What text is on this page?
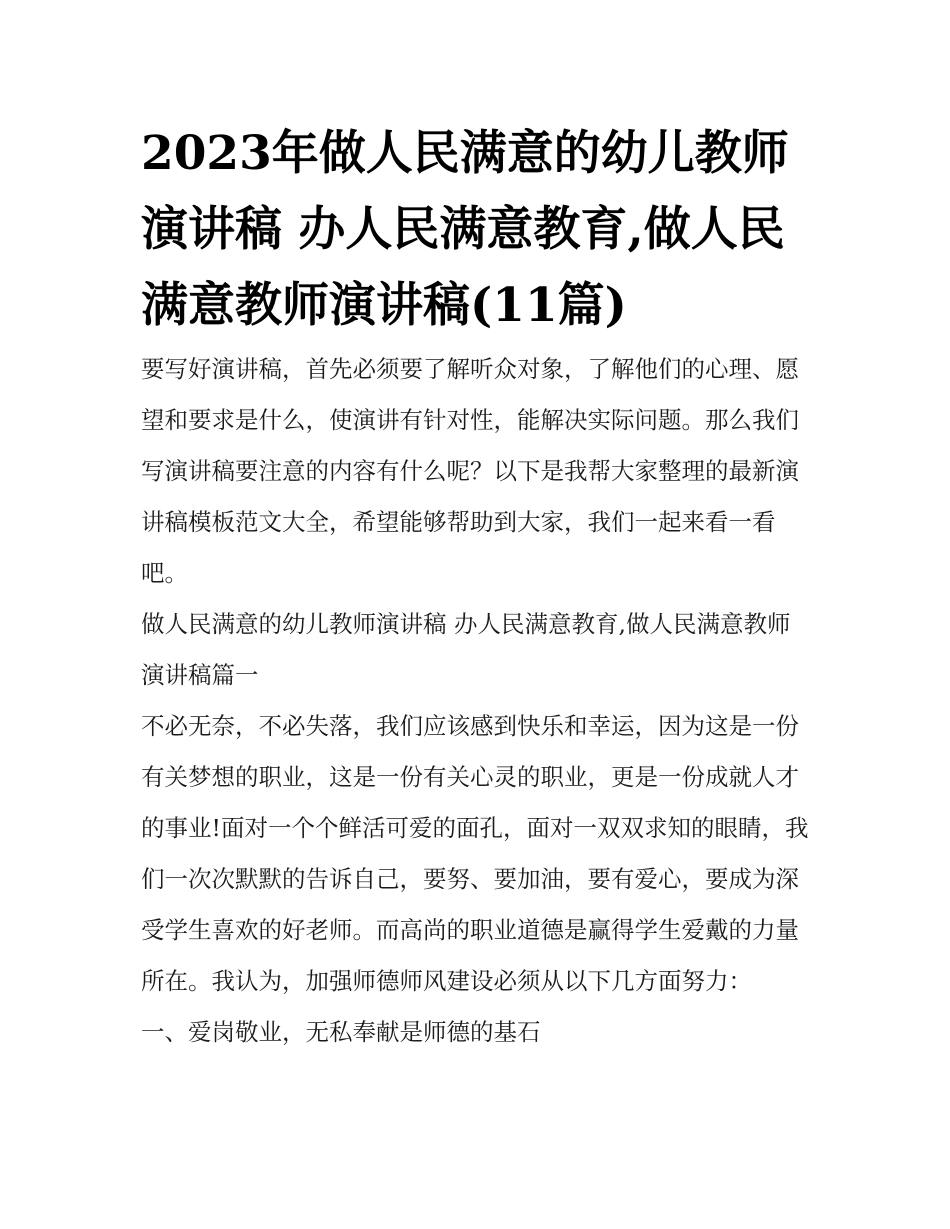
2023年做人民满意的幼儿教师演讲稿 办人民满意教育,做人民满意教师演讲稿(11篇)

要写好演讲稿，首先必须要了解听众对象，了解他们的心理、愿望和要求是什么，使演讲有针对性，能解决实际问题。那么我们写演讲稿要注意的内容有什么呢？以下是我帮大家整理的最新演讲稿模板范文大全，希望能够帮助到大家，我们一起来看一看吧。

做人民满意的幼儿教师演讲稿 办人民满意教育,做人民满意教师演讲稿篇一

不必无奈，不必失落，我们应该感到快乐和幸运，因为这是一份有关梦想的职业，这是一份有关心灵的职业，更是一份成就人才的事业!面对一个个鲜活可爱的面孔，面对一双双求知的眼睛，我们一次次默默的告诉自己，要努、要加油，要有爱心，要成为深受学生喜欢的好老师。而高尚的职业道德是赢得学生爱戴的力量所在。我认为，加强师德师风建设必须从以下几方面努力：

一、爱岗敬业，无私奉献是师德的基石
